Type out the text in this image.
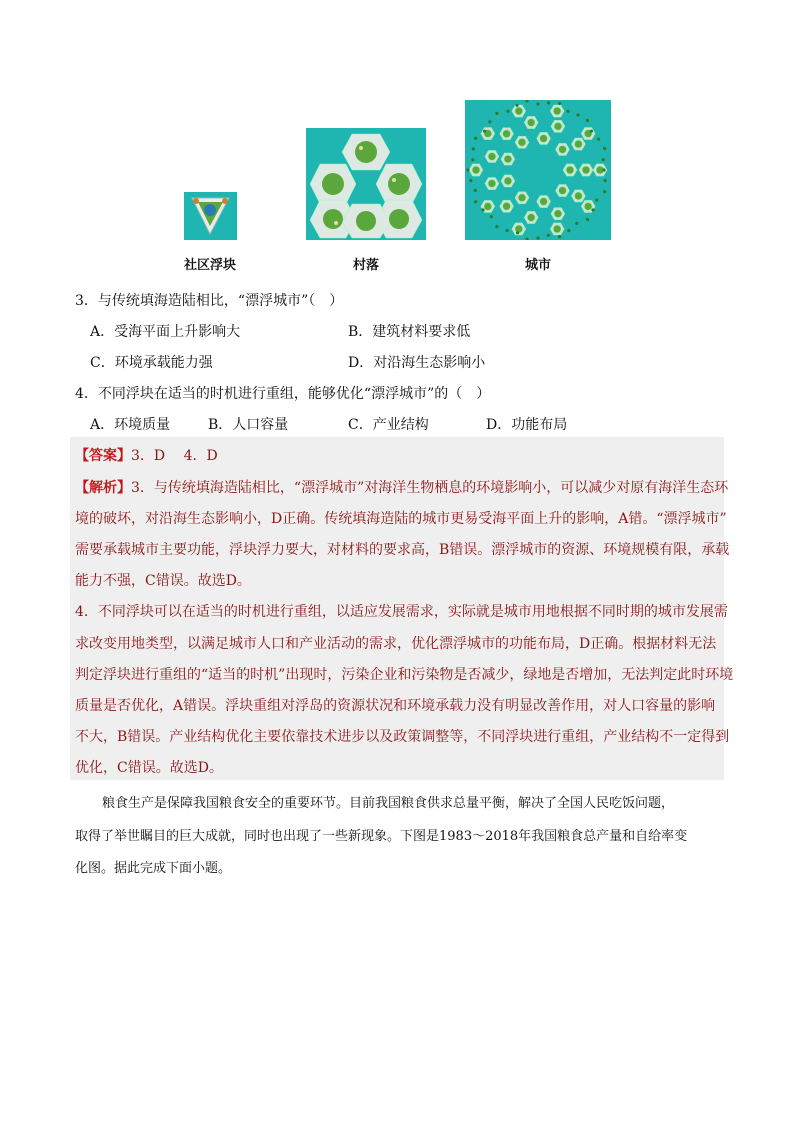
社区浮块	村落	城市
3．与传统填海造陆相比，“漂浮城市”（　）
A．受海平面上升影响大	B．建筑材料要求低
C．环境承载能力强	D．对沿海生态影响小
4．不同浮块在适当的时机进行重组，能够优化“漂浮城市”的（　）
A．环境质量	B．人口容量	C．产业结构	D．功能布局
【答案】3．D　 4．D
【解析】3．与传统填海造陆相比，“漂浮城市”对海洋生物栖息的环境影响小，可以减少对原有海洋生态环
境的破坏，对沿海生态影响小，D正确。传统填海造陆的城市更易受海平面上升的影响，A错。“漂浮城市”
需要承载城市主要功能，浮块浮力要大，对材料的要求高，B错误。漂浮城市的资源、环境规模有限，承载
能力不强，C错误。故选D。
4．不同浮块可以在适当的时机进行重组，以适应发展需求，实际就是城市用地根据不同时期的城市发展需
求改变用地类型，以满足城市人口和产业活动的需求，优化漂浮城市的功能布局，D正确。根据材料无法
判定浮块进行重组的“适当的时机”出现时，污染企业和污染物是否减少，绿地是否增加，无法判定此时环境
质量是否优化，A错误。浮块重组对浮岛的资源状况和环境承载力没有明显改善作用，对人口容量的影响
不大，B错误。产业结构优化主要依靠技术进步以及政策调整等，不同浮块进行重组，产业结构不一定得到
优化，C错误。故选D。
粮食生产是保障我国粮食安全的重要环节。目前我国粮食供求总量平衡，解决了全国人民吃饭问题，
取得了举世瞩目的巨大成就，同时也出现了一些新现象。下图是1983～2018年我国粮食总产量和自给率变
化图。据此完成下面小题。
